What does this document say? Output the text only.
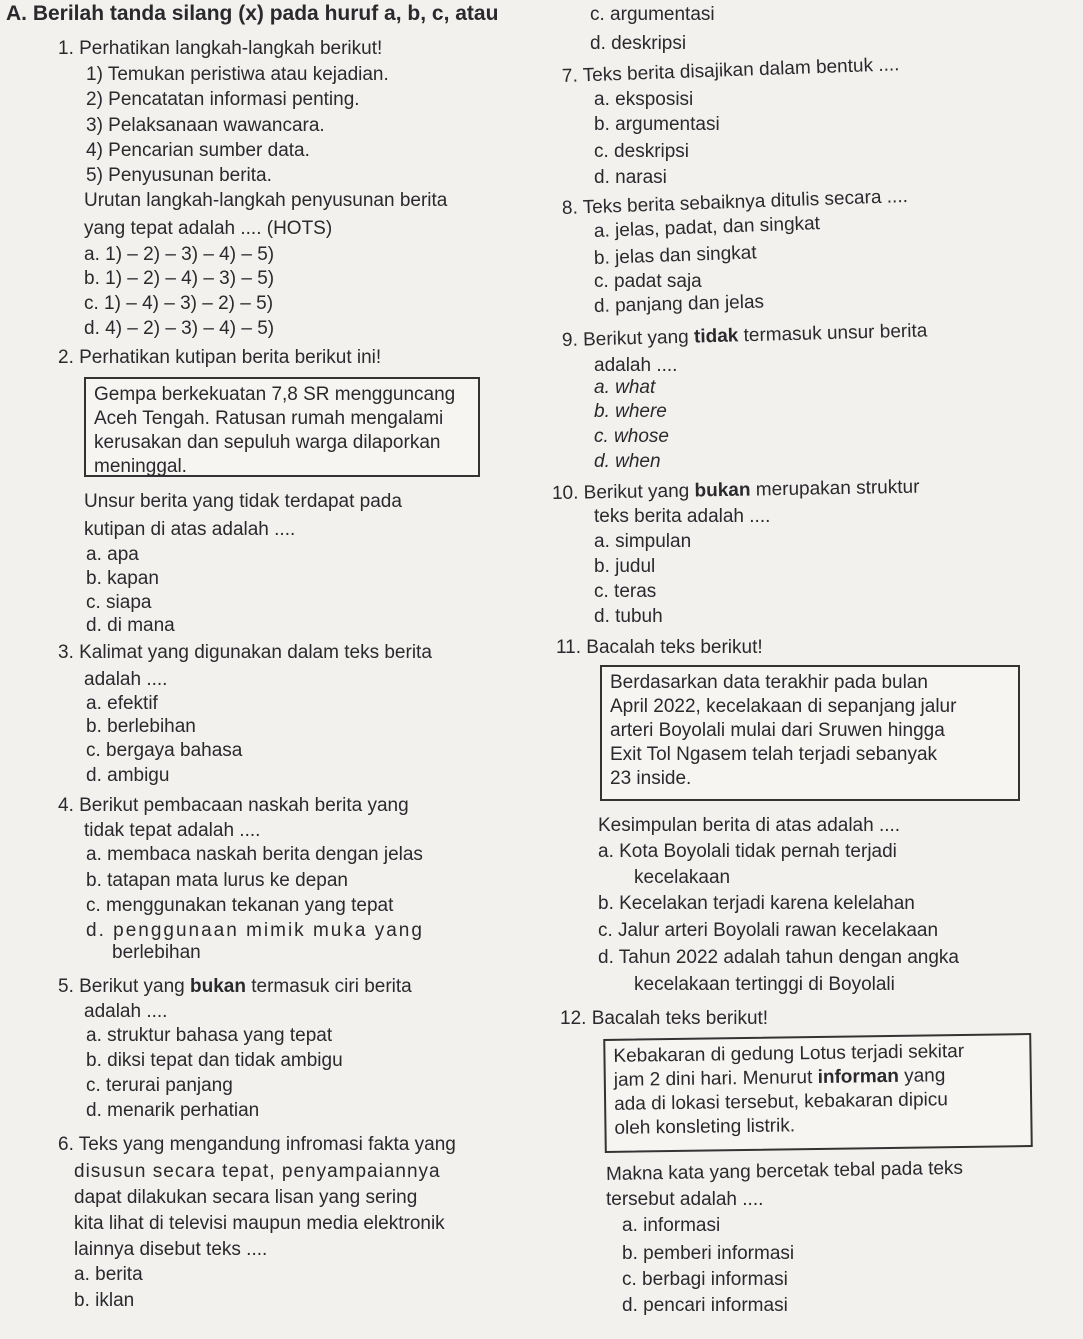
A. Berilah tanda silang (x) pada huruf a, b, c, atau
1. Perhatikan langkah-langkah berikut!
1) Temukan peristiwa atau kejadian.
2) Pencatatan informasi penting.
3) Pelaksanaan wawancara.
4) Pencarian sumber data.
5) Penyusunan berita.
Urutan langkah-langkah penyusunan berita
yang tepat adalah .... (HOTS)
a. 1) – 2) – 3) – 4) – 5)
b. 1) – 2) – 4) – 3) – 5)
c. 1) – 4) – 3) – 2) – 5)
d. 4) – 2) – 3) – 4) – 5)
2. Perhatikan kutipan berita berikut ini!
Gempa berkekuatan 7,8 SR mengguncang
Aceh Tengah. Ratusan rumah mengalami
kerusakan dan sepuluh warga dilaporkan
meninggal.
Unsur berita yang tidak terdapat pada
kutipan di atas adalah ....
a. apa
b. kapan
c. siapa
d. di mana
3. Kalimat yang digunakan dalam teks berita
adalah ....
a. efektif
b. berlebihan
c. bergaya bahasa
d. ambigu
4. Berikut pembacaan naskah berita yang
tidak tepat adalah ....
a. membaca naskah berita dengan jelas
b. tatapan mata lurus ke depan
c. menggunakan tekanan yang tepat
d. penggunaan mimik muka yang
berlebihan
5. Berikut yang bukan termasuk ciri berita
adalah ....
a. struktur bahasa yang tepat
b. diksi tepat dan tidak ambigu
c. terurai panjang
d. menarik perhatian
6. Teks yang mengandung infromasi fakta yang
disusun secara tepat, penyampaiannya
dapat dilakukan secara lisan yang sering
kita lihat di televisi maupun media elektronik
lainnya disebut teks ....
a. berita
b. iklan
c. argumentasi
d. deskripsi
7. Teks berita disajikan dalam bentuk ....
a. eksposisi
b. argumentasi
c. deskripsi
d. narasi
8. Teks berita sebaiknya ditulis secara ....
a. jelas, padat, dan singkat
b. jelas dan singkat
c. padat saja
d. panjang dan jelas
9. Berikut yang tidak termasuk unsur berita
adalah ....
a. what
b. where
c. whose
d. when
10. Berikut yang bukan merupakan struktur
teks berita adalah ....
a. simpulan
b. judul
c. teras
d. tubuh
11. Bacalah teks berikut!
Berdasarkan data terakhir pada bulan
April 2022, kecelakaan di sepanjang jalur
arteri Boyolali mulai dari Sruwen hingga
Exit Tol Ngasem telah terjadi sebanyak
23 inside.
Kesimpulan berita di atas adalah ....
a. Kota Boyolali tidak pernah terjadi
kecelakaan
b. Kecelakan terjadi karena kelelahan
c. Jalur arteri Boyolali rawan kecelakaan
d. Tahun 2022 adalah tahun dengan angka
kecelakaan tertinggi di Boyolali
12. Bacalah teks berikut!
Kebakaran di gedung Lotus terjadi sekitar
jam 2 dini hari. Menurut informan yang
ada di lokasi tersebut, kebakaran dipicu
oleh konsleting listrik.
Makna kata yang bercetak tebal pada teks
tersebut adalah ....
a. informasi
b. pemberi informasi
c. berbagi informasi
d. pencari informasi
